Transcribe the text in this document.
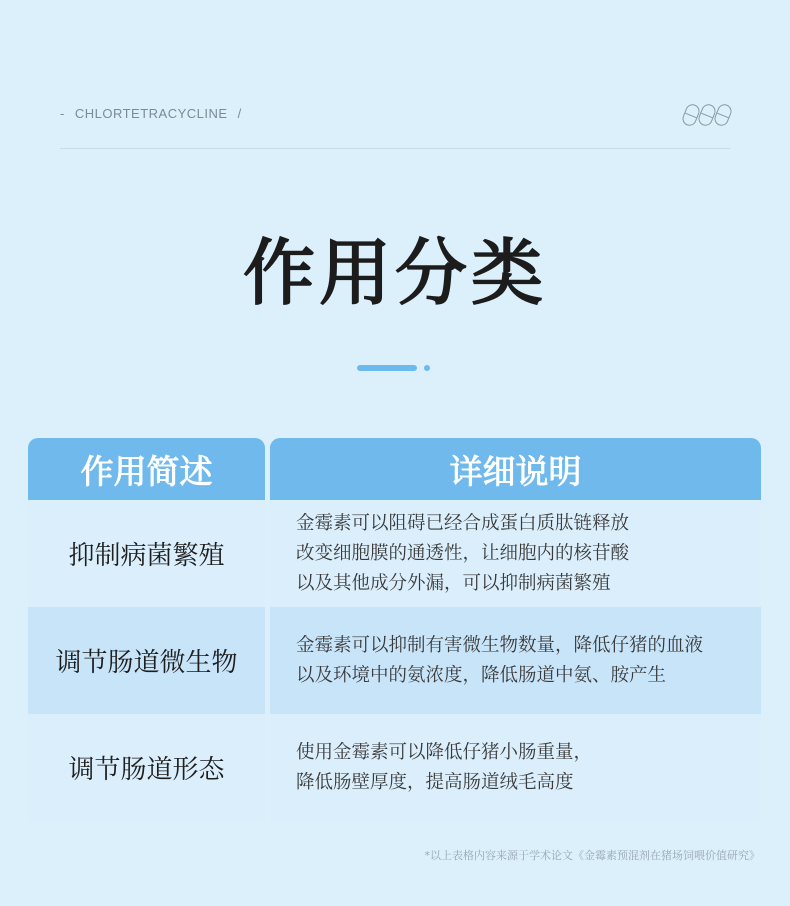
- CHLORTETRACYCLINE /
作用分类
作用简述	详细说明
抑制病菌繁殖
金霉素可以阻碍已经合成蛋白质肽链释放
改变细胞膜的通透性，让细胞内的核苷酸
以及其他成分外漏，可以抑制病菌繁殖
调节肠道微生物
金霉素可以抑制有害微生物数量，降低仔猪的血液
以及环境中的氨浓度，降低肠道中氨、胺产生
调节肠道形态
使用金霉素可以降低仔猪小肠重量，
降低肠壁厚度，提高肠道绒毛高度
*以上表格内容来源于学术论文《金霉素预混剂在猪场饲喂价值研究》
